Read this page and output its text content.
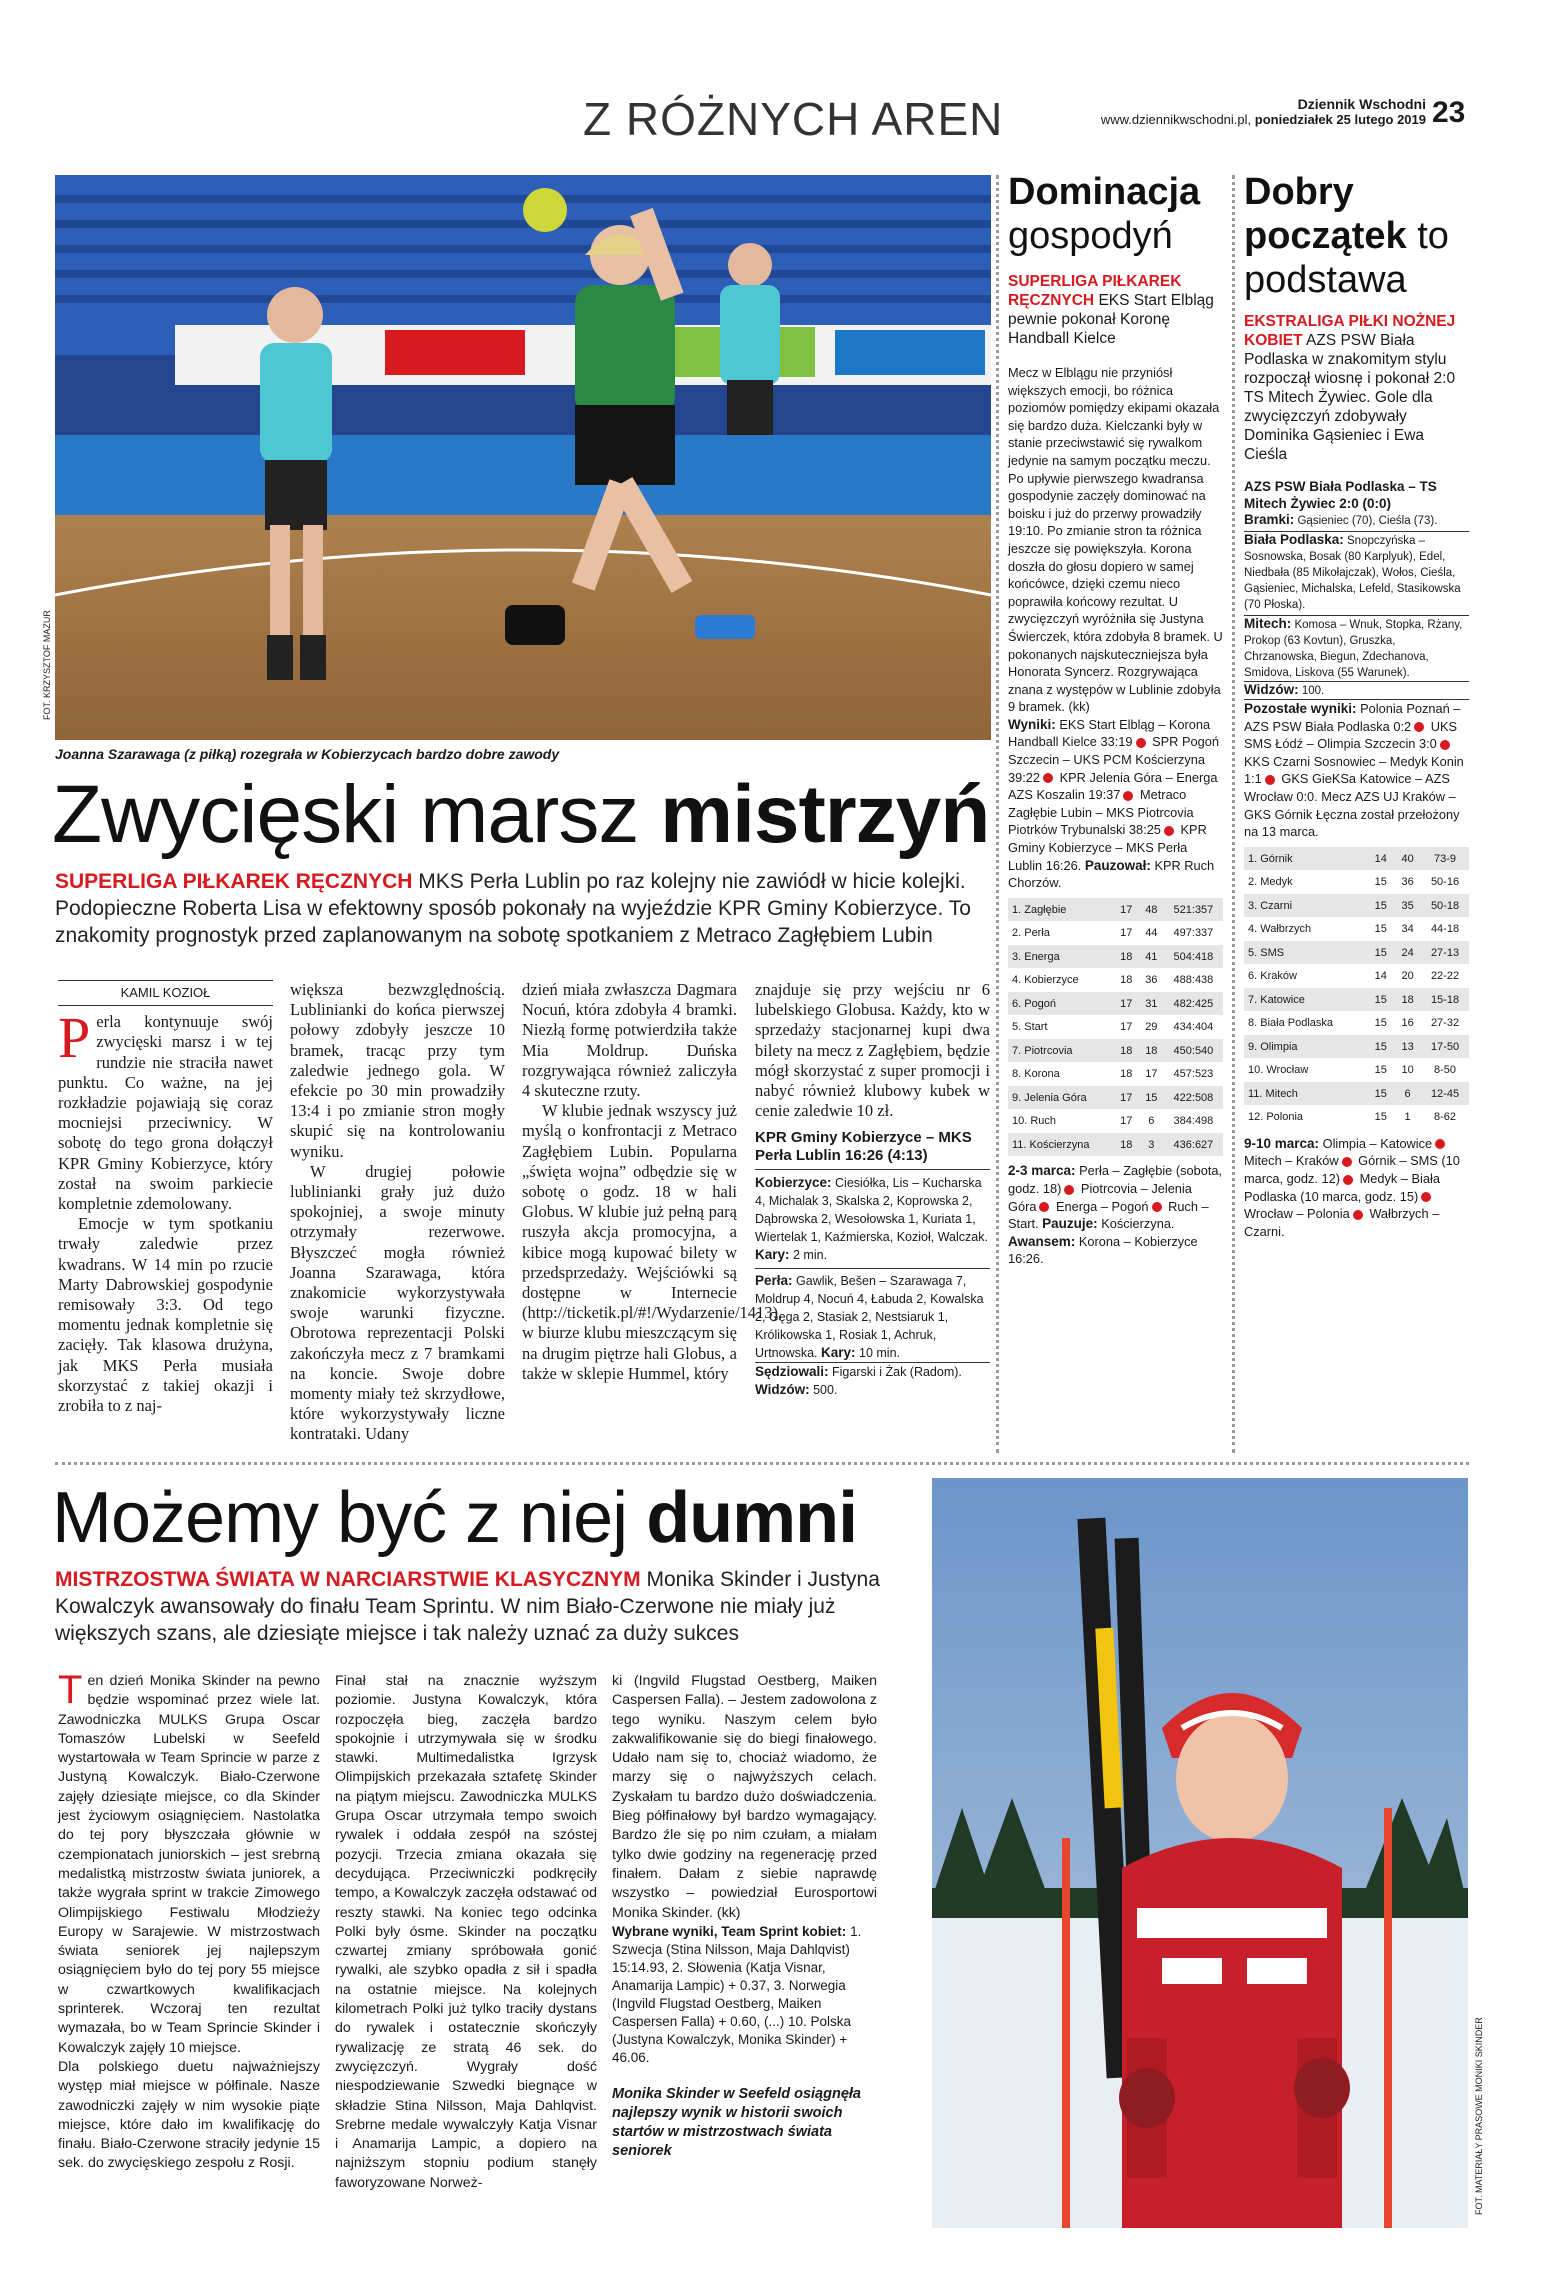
Z RÓŻNYCH AREN	Dziennik Wschodni
www.dziennikwschodni.pl, poniedziałek 25 lutego 2019 23
FOT. KRZYSZTOF MAZUR
Joanna Szarawaga (z piłką) rozegrała w Kobierzycach bardzo dobre zawody
Zwycięski marsz mistrzyń
SUPERLIGA PIŁKAREK RĘCZNYCH MKS Perła Lublin po raz kolejny nie zawiódł w hicie kolejki. Podopieczne Roberta Lisa w efektowny sposób pokonały na wyjeździe KPR Gminy Kobierzyce. To znakomity prognostyk przed zaplanowanym na sobotę spotkaniem z Metraco Zagłębiem Lubin
KAMIL KOZIOŁ

Perla kontynuuje swój zwycięski marsz i w tej rundzie nie straciła nawet punktu. Co ważne, na jej rozkładzie pojawiają się coraz mocniejsi przeciwnicy. W sobotę do tego grona dołączył KPR Gminy Kobierzyce, który został na swoim parkiecie kompletnie zdemolowany.

Emocje w tym spotkaniu trwały zaledwie przez kwadrans. W 14 min po rzucie Marty Dabrowskiej gospodynie remisowały 3:3. Od tego momentu jednak kompletnie się zacięły. Tak klasowa drużyna, jak MKS Perła musiała skorzystać z takiej okazji i zrobiła to z naj-

większa bezwzględnością. Lublinianki do końca pierwszej połowy zdobyły jeszcze 10 bramek, tracąc przy tym zaledwie jednego gola. W efekcie po 30 min prowadziły 13:4 i po zmianie stron mogły skupić się na kontrolowaniu wyniku.

W drugiej połowie lublinianki grały już dużo spokojniej, a swoje minuty otrzymały rezerwowe. Błyszczeć mogła również Joanna Szarawaga, która znakomicie wykorzystywała swoje warunki fizyczne. Obrotowa reprezentacji Polski zakończyła mecz z 7 bramkami na koncie. Swoje dobre momenty miały też skrzydłowe, które wykorzystywały liczne kontrataki. Udany

dzień miała zwłaszcza Dagmara Nocuń, która zdobyła 4 bramki. Niezłą formę potwierdziła także Mia Moldrup. Duńska rozgrywająca również zaliczyła 4 skuteczne rzuty.

W klubie jednak wszyscy już myślą o konfrontacji z Metraco Zagłębiem Lubin. Popularna „święta wojna” odbędzie się w sobotę o godz. 18 w hali Globus. W klubie już pełną parą ruszyła akcja promocyjna, a kibice mogą kupować bilety w przedsprzedaży. Wejściówki są dostępne w Internecie (http://ticketik.pl/#!/Wydarzenie/1413), w biurze klubu mieszczącym się na drugim piętrze hali Globus, a także w sklepie Hummel, który

znajduje się przy wejściu nr 6 lubelskiego Globusa. Każdy, kto w sprzedaży stacjonarnej kupi dwa bilety na mecz z Zagłębiem, będzie mógł skorzystać z super promocji i nabyć również klubowy kubek w cenie zaledwie 10 zł.

KPR Gminy Kobierzyce – MKS Perła Lublin 16:26 (4:13)
Kobierzyce: Ciesiółka, Lis – Kucharska 4, Michalak 3, Skalska 2, Koprowska 2, Dąbrowska 2, Wesołowska 1, Kuriata 1, Wiertelak 1, Kaźmierska, Kozioł, Walczak. Kary: 2 min.
Perła: Gawlik, Bešen – Szarawaga 7, Moldrup 4, Nocuń 4, Łabuda 2, Kowalska 2, Gęga 2, Stasiak 2, Nestsiaruk 1, Królikowska 1, Rosiak 1, Achruk, Urtnowska. Kary: 10 min.
Sędziowali: Figarski i Żak (Radom).
Widzów: 500.
Dominacja
gospodyń
SUPERLIGA PIŁKAREK RĘCZNYCH EKS Start Elbląg pewnie pokonał Koronę Handball Kielce

Mecz w Elblągu nie przyniósł większych emocji, bo różnica poziomów pomiędzy ekipami okazała się bardzo duża. Kielczanki były w stanie przeciwstawić się rywalkom jedynie na samym początku meczu. Po upływie pierwszego kwadransa gospodynie zaczęły dominować na boisku i już do przerwy prowadziły 19:10. Po zmianie stron ta różnica jeszcze się powiększyła. Korona doszła do głosu dopiero w samej końcówce, dzięki czemu nieco poprawiła końcowy rezultat. U zwycięzczyń wyróżniła się Justyna Świerczek, która zdobyła 8 bramek. U pokonanych najskuteczniejsza była Honorata Syncerz. Rozgrywająca znana z występów w Lublinie zdobyła 9 bramek. (kk)

Wyniki: EKS Start Elbląg – Korona Handball Kielce 33:19 SPR Pogoń Szczecin – UKS PCM Kościerzyna 39:22 KPR Jelenia Góra – Energa AZS Koszalin 19:37 Metraco Zagłębie Lubin – MKS Piotrcovia Piotrków Trybunalski 38:25 KPR Gminy Kobierzyce – MKS Perła Lublin 16:26. Pauzował: KPR Ruch Chorzów.
1. Zagłębie	17	48	521:357
2. Perła	17	44	497:337
3. Energa	18	41	504:418
4. Kobierzyce	18	36	488:438
6. Pogoń	17	31	482:425
5. Start	17	29	434:404
7. Piotrcovia	18	18	450:540
8. Korona	18	17	457:523
9. Jelenia Góra	17	15	422:508
10. Ruch	17	6	384:498
11. Kościerzyna	18	3	436:627
2-3 marca: Perła – Zagłębie (sobota, godz. 18) Piotrcovia – Jelenia Góra Energa – Pogoń Ruch – Start. Pauzuje: Kościerzyna. Awansem: Korona – Kobierzyce 16:26.
Dobry
początek to
podstawa
EKSTRALIGA PIŁKI NOŻNEJ KOBIET AZS PSW Biała Podlaska w znakomitym stylu rozpoczął wiosnę i pokonał 2:0 TS Mitech Żywiec. Gole dla zwycięzczyń zdobywały Dominika Gąsieniec i Ewa Cieśla
AZS PSW Biała Podlaska – TS Mitech Żywiec 2:0 (0:0)
Bramki: Gąsieniec (70), Cieśla (73).
Biała Podlaska: Snopczyńska – Sosnowska, Bosak (80 Karplyuk), Edel, Niedbała (85 Mikołajczak), Wołos, Cieśla, Gąsieniec, Michalska, Lefeld, Stasikowska (70 Płoska).
Mitech: Komosa – Wnuk, Stopka, Rżany, Prokop (63 Kovtun), Gruszka, Chrzanowska, Biegun, Zdechanova, Smidova, Liskova (55 Warunek).
Widzów: 100.
Pozostałe wyniki: Polonia Poznań – AZS PSW Biała Podlaska 0:2 UKS SMS Łódź – Olimpia Szczecin 3:0 KKS Czarni Sosnowiec – Medyk Konin 1:1 GKS GieKSa Katowice – AZS Wrocław 0:0. Mecz AZS UJ Kraków – GKS Górnik Łęczna został przełożony na 13 marca.
1. Górnik	14	40	73-9
2. Medyk	15	36	50-16
3. Czarni	15	35	50-18
4. Wałbrzych	15	34	44-18
5. SMS	15	24	27-13
6. Kraków	14	20	22-22
7. Katowice	15	18	15-18
8. Biała Podlaska	15	16	27-32
9. Olimpia	15	13	17-50
10. Wrocław	15	10	8-50
11. Mitech	15	6	12-45
12. Polonia	15	1	8-62
9-10 marca: Olimpia – Katowice Mitech – Kraków Górnik – SMS (10 marca, godz. 12) Medyk – Biała Podlaska (10 marca, godz. 15) Wrocław – Polonia Wałbrzych – Czarni.
Możemy być z niej dumni
MISTRZOSTWA ŚWIATA W NARCIARSTWIE KLASYCZNYM Monika Skinder i Justyna Kowalczyk awansowały do finału Team Sprintu. W nim Biało-Czerwone nie miały już większych szans, ale dziesiąte miejsce i tak należy uznać za duży sukces

Ten dzień Monika Skinder na pewno będzie wspominać przez wiele lat. Zawodniczka MULKS Grupa Oscar Tomaszów Lubelski w Seefeld wystartowała w Team Sprincie w parze z Justyną Kowalczyk. Biało-Czerwone zajęły dziesiąte miejsce, co dla Skinder jest życiowym osiągnięciem. Nastolatka do tej pory błyszczała głównie w czempionatach juniorskich – jest srebrną medalistką mistrzostw świata juniorek, a także wygrała sprint w trakcie Zimowego Olimpijskiego Festiwalu Młodzieży Europy w Sarajewie. W mistrzostwach świata seniorek jej najlepszym osiągnięciem było do tej pory 55 miejsce w czwartkowych kwalifikacjach sprinterek. Wczoraj ten rezultat wymazała, bo w Team Sprincie Skinder i Kowalczyk zajęły 10 miejsce.

Dla polskiego duetu najważniejszy występ miał miejsce w półfinale. Nasze zawodniczki zajęły w nim wysokie piąte miejsce, które dało im kwalifikację do finału. Biało-Czerwone straciły jedynie 15 sek. do zwycięskiego zespołu z Rosji.

Finał stał na znacznie wyższym poziomie. Justyna Kowalczyk, która rozpoczęła bieg, zaczęła bardzo spokojnie i utrzymywała się w środku stawki. Multimedalistka Igrzysk Olimpijskich przekazała sztafetę Skinder na piątym miejscu. Zawodniczka MULKS Grupa Oscar utrzymała tempo swoich rywalek i oddała zespół na szóstej pozycji. Trzecia zmiana okazała się decydująca. Przeciwniczki podkręciły tempo, a Kowalczyk zaczęła odstawać od reszty stawki. Na koniec tego odcinka Polki były ósme. Skinder na początku czwartej zmiany spróbowała gonić rywalki, ale szybko opadła z sił i spadła na ostatnie miejsce. Na kolejnych kilometrach Polki już tylko traciły dystans do rywalek i ostatecznie skończyły rywalizację ze stratą 46 sek. do zwycięzczyń. Wygrały dość niespodziewanie Szwedki biegnące w składzie Stina Nilsson, Maja Dahlqvist. Srebrne medale wywalczyły Katja Visnar i Anamarija Lampic, a dopiero na najniższym stopniu podium stanęły faworyzowane Norweż-

ki (Ingvild Flugstad Oestberg, Maiken Caspersen Falla). – Jestem zadowolona z tego wyniku. Naszym celem było zakwalifikowanie się do biegi finałowego. Udało nam się to, chociaż wiadomo, że marzy się o najwyższych celach. Zyskałam tu bardzo dużo doświadczenia. Bieg półfinałowy był bardzo wymagający. Bardzo źle się po nim czułam, a miałam tylko dwie godziny na regenerację przed finałem. Dałam z siebie naprawdę wszystko – powiedział Eurosportowi Monika Skinder. (kk)

Wybrane wyniki, Team Sprint kobiet: 1. Szwecja (Stina Nilsson, Maja Dahlqvist) 15:14.93, 2. Słowenia (Katja Visnar, Anamarija Lampic) + 0.37, 3. Norwegia (Ingvild Flugstad Oestberg, Maiken Caspersen Falla) + 0.60, (...) 10. Polska (Justyna Kowalczyk, Monika Skinder) + 46.06.
Monika Skinder w Seefeld osiągnęła najlepszy wynik w historii swoich startów w mistrzostwach świata seniorek	FOT. MATERIAŁY PRASOWE MONIKI SKINDER
